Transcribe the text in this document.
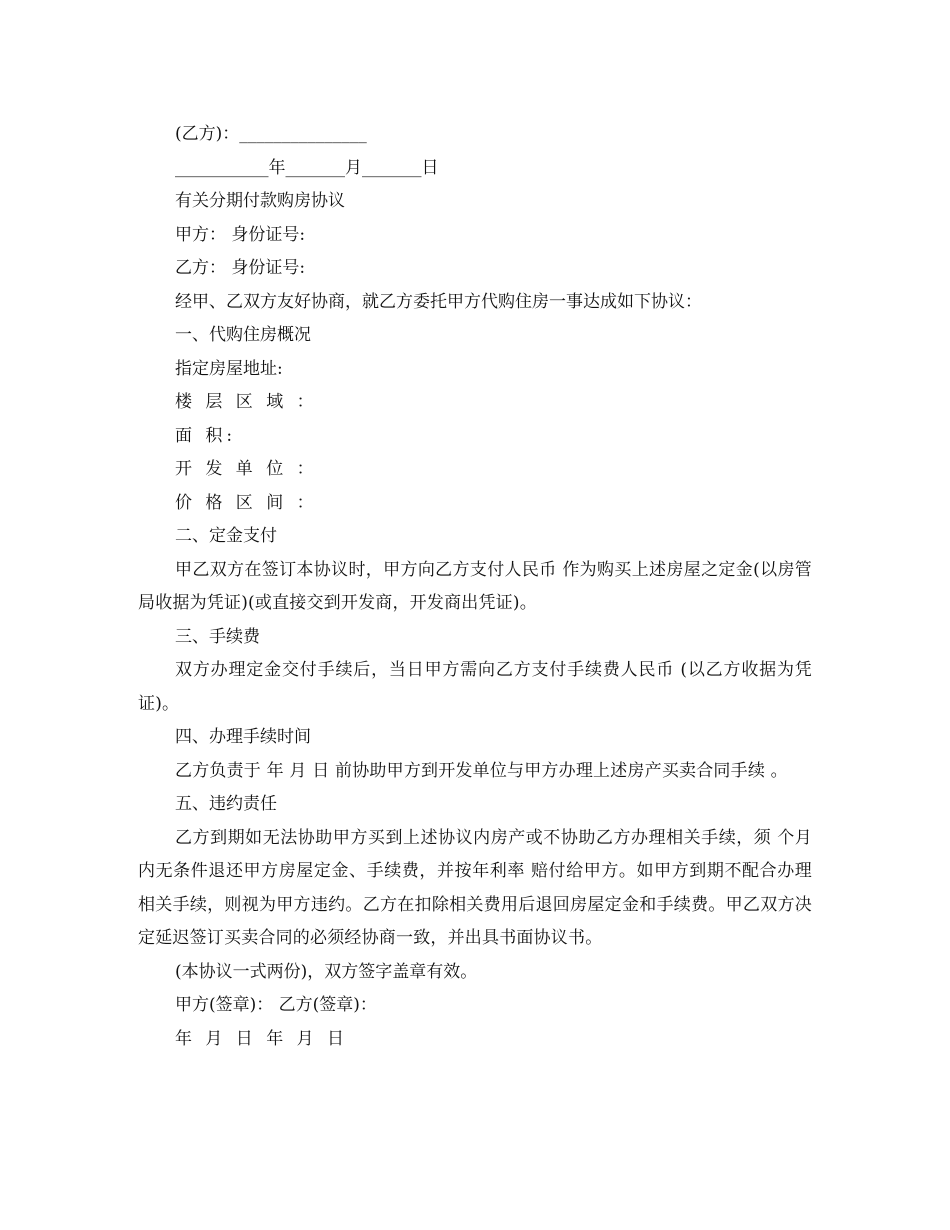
(乙方)：_______________
___________年_______月_______日
有关分期付款购房协议
甲方： 身份证号:
乙方： 身份证号:
经甲、乙双方友好协商，就乙方委托甲方代购住房一事达成如下协议：
一、代购住房概况
指定房屋地址:
楼 层 区 域 ：
面 积:
开 发 单 位 ：
价 格 区 间 ：
二、定金支付
甲乙双方在签订本协议时，甲方向乙方支付人民币 作为购买上述房屋之定金(以房管局收据为凭证)(或直接交到开发商，开发商出凭证)。
三、手续费
双方办理定金交付手续后，当日甲方需向乙方支付手续费人民币 (以乙方收据为凭证)。
四、办理手续时间
乙方负责于 年 月 日 前协助甲方到开发单位与甲方办理上述房产买卖合同手续 。
五、违约责任
乙方到期如无法协助甲方买到上述协议内房产或不协助乙方办理相关手续，须 个月内无条件退还甲方房屋定金、手续费，并按年利率 赔付给甲方。如甲方到期不配合办理相关手续，则视为甲方违约。乙方在扣除相关费用后退回房屋定金和手续费。甲乙双方决定延迟签订买卖合同的必须经协商一致，并出具书面协议书。
(本协议一式两份)，双方签字盖章有效。
甲方(签章)： 乙方(签章)：
年 月 日 年 月 日
